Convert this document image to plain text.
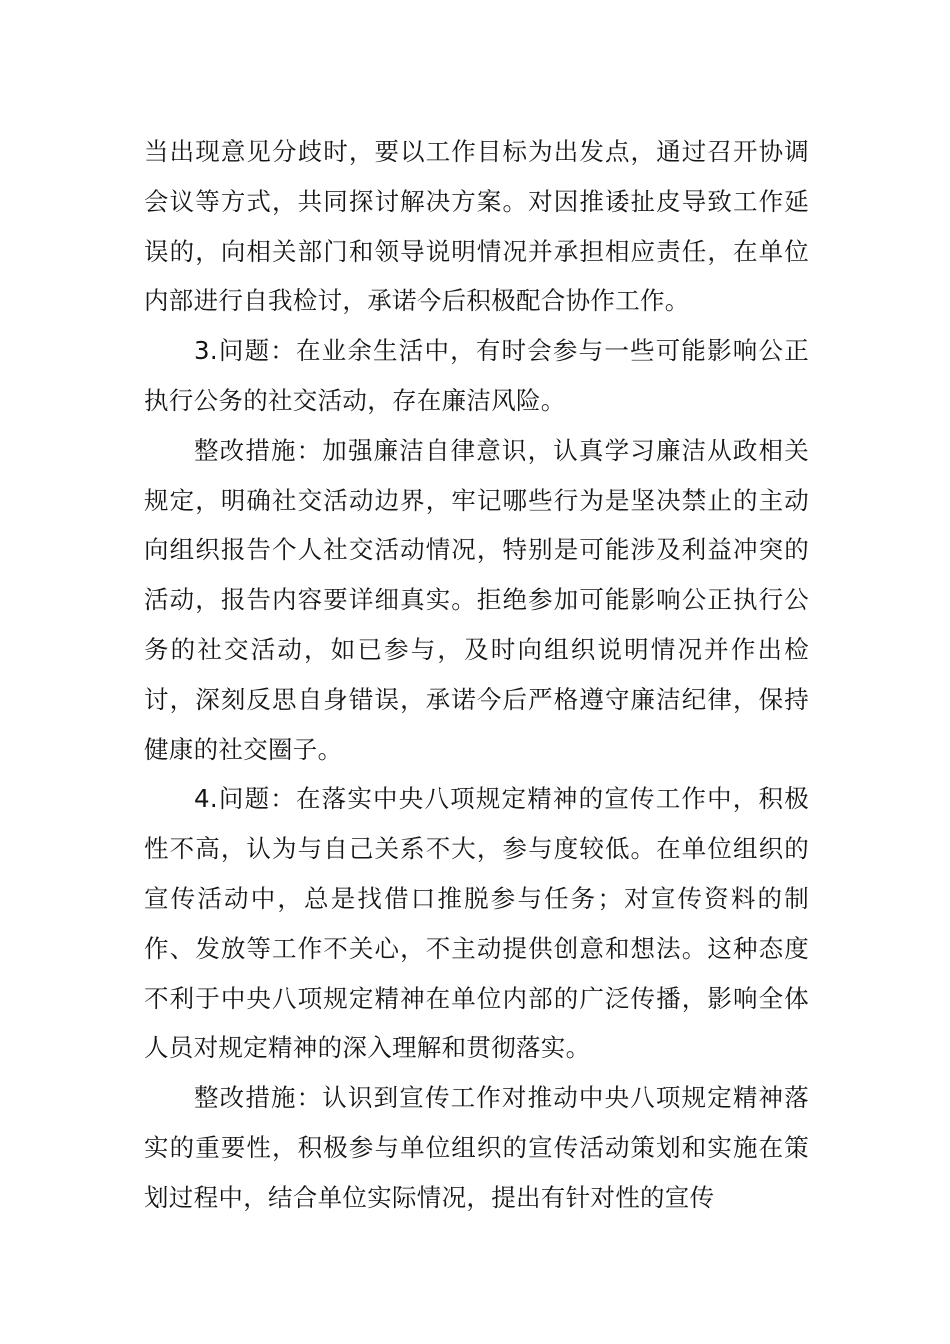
当出现意见分歧时，要以工作目标为出发点，通过召开协调会议等方式，共同探讨解决方案。对因推诿扯皮导致工作延误的，向相关部门和领导说明情况并承担相应责任，在单位内部进行自我检讨，承诺今后积极配合协作工作。

3.问题：在业余生活中，有时会参与一些可能影响公正执行公务的社交活动，存在廉洁风险。

整改措施：加强廉洁自律意识，认真学习廉洁从政相关规定，明确社交活动边界，牢记哪些行为是坚决禁止的主动向组织报告个人社交活动情况，特别是可能涉及利益冲突的活动，报告内容要详细真实。拒绝参加可能影响公正执行公务的社交活动，如已参与，及时向组织说明情况并作出检讨，深刻反思自身错误，承诺今后严格遵守廉洁纪律，保持健康的社交圈子。

4.问题：在落实中央八项规定精神的宣传工作中，积极性不高，认为与自己关系不大，参与度较低。在单位组织的宣传活动中，总是找借口推脱参与任务；对宣传资料的制作、发放等工作不关心，不主动提供创意和想法。这种态度不利于中央八项规定精神在单位内部的广泛传播，影响全体人员对规定精神的深入理解和贯彻落实。

整改措施：认识到宣传工作对推动中央八项规定精神落实的重要性，积极参与单位组织的宣传活动策划和实施在策划过程中，结合单位实际情况，提出有针对性的宣传
